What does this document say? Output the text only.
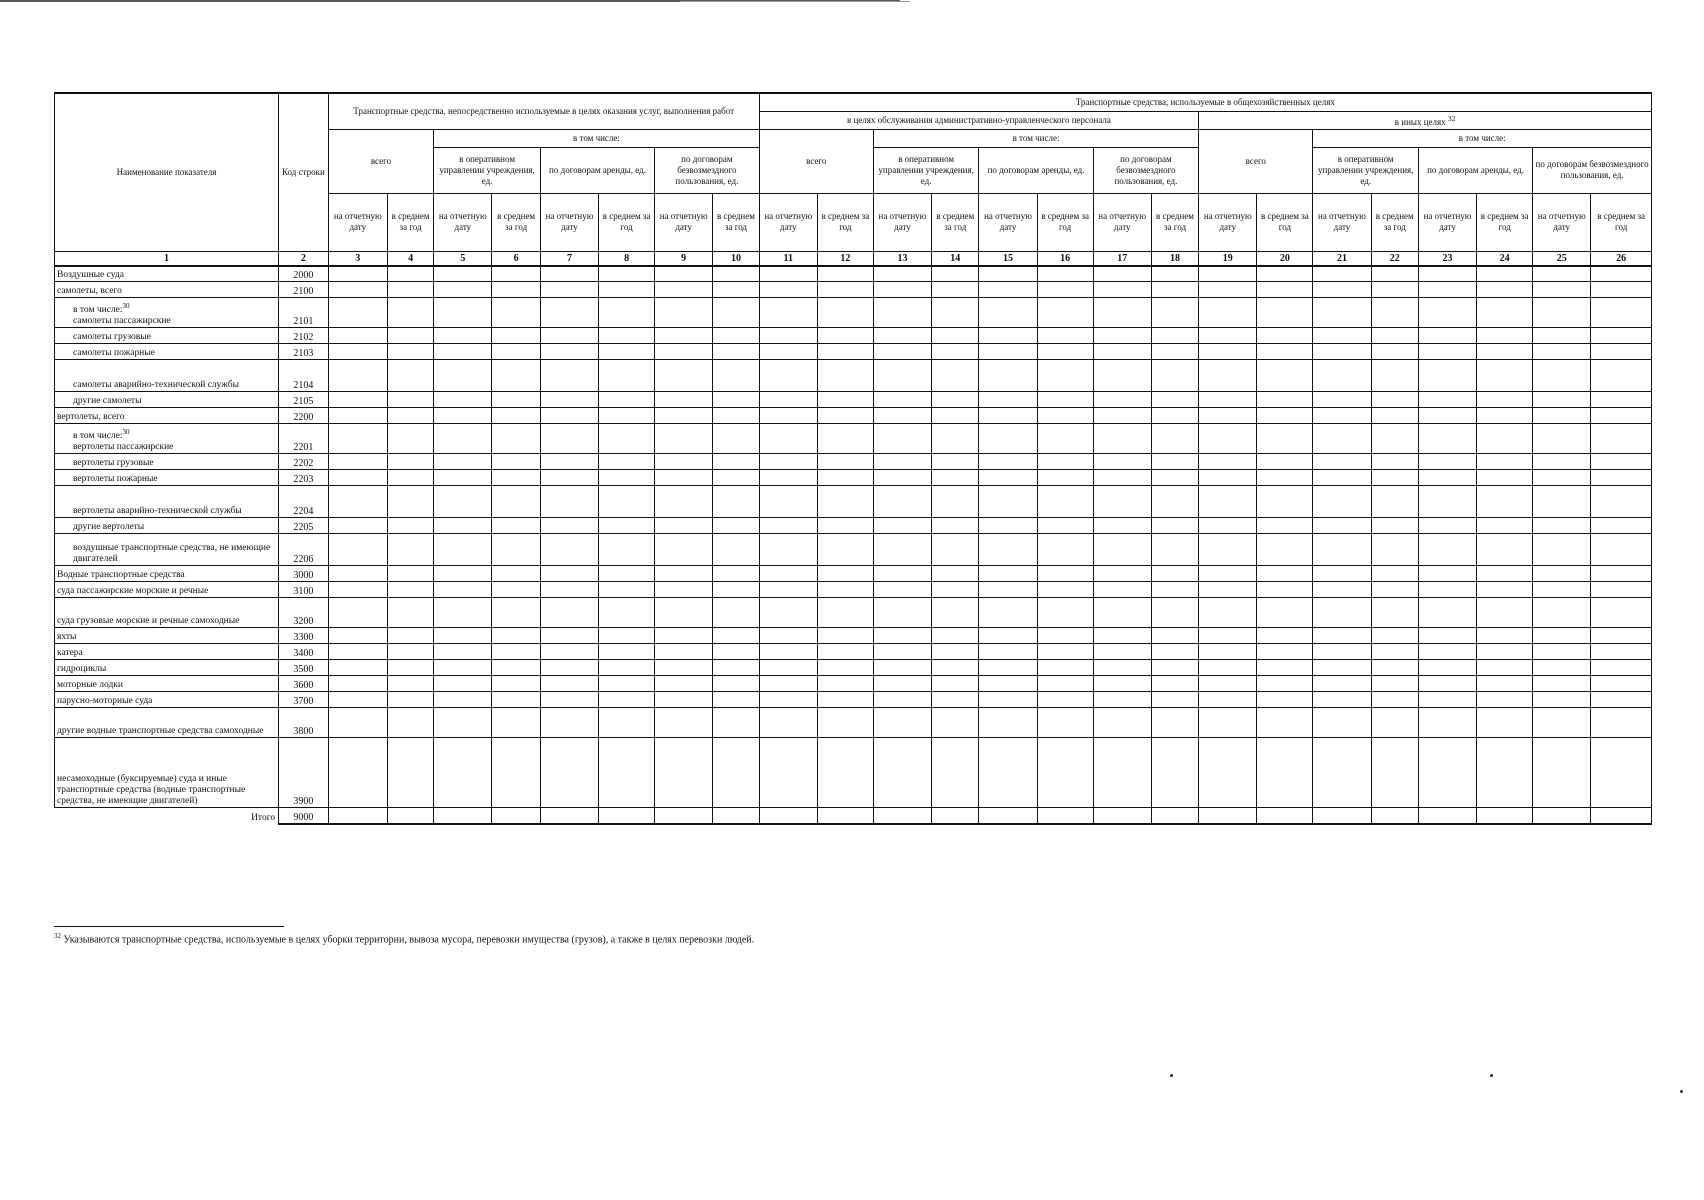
Наименование показателя	Код строки	Транспортные средства, непосредственно используемые в целях оказания услуг, выполнения работ								Транспортные средства, используемые в общехозяйственных целях															
										в целях обслуживания административно-управленческого персонала								в иных целях $^{32}$
		всего		в том числе:						всего		в том числе:						всего		в том числе:					
				в оперативном управлении учреждения, ед.		по договорам аренды, ед.		по договорам безвозмездного пользования, ед.				в оперативном управлении учреждения, ед.		по договорам аренды, ед.		по договорам безвозмездного пользования, ед.				в оперативном управлении учреждения, ед.		по договорам аренды, ед.		по договорам безвозмездного пользования, ед.	
		на отчетную дату	в среднем за год	на отчетную дату	в среднем за год	на отчетную дату	в среднем за год	на отчетную дату	в среднем за год	на отчетную дату	в среднем за год	на отчетную дату	в среднем за год	на отчетную дату	в среднем за год	на отчетную дату	в среднем за год	на отчетную дату	в среднем за год	на отчетную дату	в среднем за год	на отчетную дату	в среднем за год	на отчетную дату	в среднем за год
1	2	3	4	5	6	7	8	9	10	11	12	13	14	15	16	17	18	19	20	21	22	23	24	25	26
Воздушные суда	2000																								
самолеты, всего	2100																								
в том числе:$^{30}$
самолеты пассажирские	2101																								
самолеты грузовые	2102																								
самолеты пожарные	2103																								
самолеты аварийно-технической службы	2104																								
другие самолеты	2105																								
вертолеты, всего	2200																								
в том числе:$^{30}$
вертолеты пассажирские	2201																								
вертолеты грузовые	2202																								
вертолеты пожарные	2203																								
вертолеты аварийно-технической службы	2204																								
другие вертолеты	2205																								
воздушные транспортные средства, не имеющие двигателей	2206																								
Водные транспортные средства	3000																								
суда пассажирские морские и речные	3100																								
суда грузовые морские и речные самоходные	3200																								
яхты	3300																								
катера	3400																								
гидроциклы	3500																								
моторные лодки	3600																								
парусно-моторные суда	3700																								
другие водные транспортные средства самоходные	3800																								
несамоходные (буксируемые) суда и иные транспортные средства (водные транспортные средства, не имеющие двигателей)	3900																								
Итого	9000																								
$^{32}$ Указываются транспортные средства, используемые в целях уборки территории, вывоза мусора, перевозки имущества (грузов), а также в целях перевозки людей.
